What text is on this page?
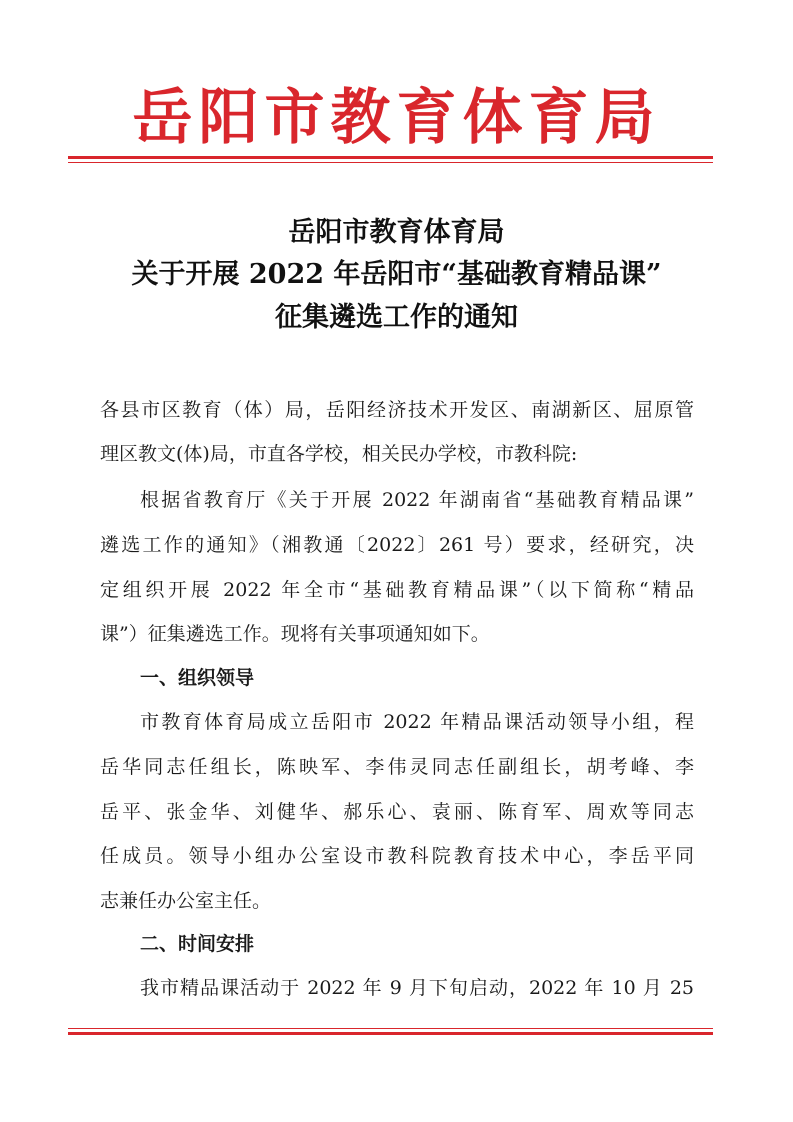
岳阳市教育体育局
岳阳市教育体育局
关于开展 2022 年岳阳市“基础教育精品课”
征集遴选工作的通知
各县市区教育（体）局，岳阳经济技术开发区、南湖新区、屈原管
理区教文(体)局，市直各学校，相关民办学校，市教科院:
根据省教育厅《关于开展 2022 年湖南省“基础教育精品课”
遴选工作的通知》（湘教通〔2022〕261 号）要求，经研究，决
定组织开展 2022 年全市“基础教育精品课”（以下简称“精品
课”）征集遴选工作。现将有关事项通知如下。
一、组织领导
市教育体育局成立岳阳市 2022 年精品课活动领导小组，程
岳华同志任组长，陈映军、李伟灵同志任副组长，胡考峰、李
岳平、张金华、刘健华、郝乐心、袁丽、陈育军、周欢等同志
任成员。领导小组办公室设市教科院教育技术中心，李岳平同
志兼任办公室主任。
二、时间安排
我市精品课活动于 2022 年 9 月下旬启动，2022 年 10 月 25
